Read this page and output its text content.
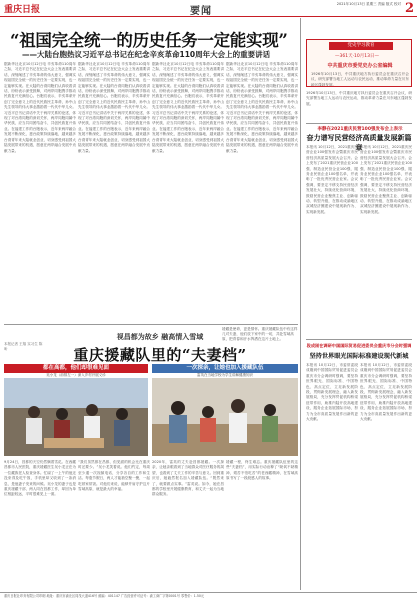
重庆日报	要闻
2021年10月13日 星期三 责编 版式 校对 2
“祖国完全统一的历史任务一定能实现”
——大陆台胞热议习近平总书记在纪念辛亥革命110周年大会上的重要讲话
据新华社北京10月12日电 辛亥革命110周年之际，习近平总书记在纪念大会上发表重要讲话，深刻阐述了辛亥革命的伟大意义，强调实现祖国完全统一的历史任务一定要实现，也一定能够实现。在大陆的台湾同胞们认真收看讲话，纷纷表示深受鼓舞，对两岸同胞携手推动民族复兴充满信心。台胞们表示，辛亥革命开创了完全意义上的近代民族民主革命，孙中山先生领导的伟大事业激励着一代代中华儿女。习近平总书记讲话中关于两岸关系的论述，体现了对台湾同胞的深切关怀，两岸同胞同属中华民族，应当共同团结奋斗，共创民族复兴伟业。在福建工作的台胞表示，近年来两岸融合发展不断深化，惠台政策持续落地，越来越多台湾青年来大陆就业创业，切身感受到祖国大陆发展带来的机遇，愿意在两岸融合发展中贡献力量。
据新华社北京10月12日电 辛亥革命110周年之际，习近平总书记在纪念大会上发表重要讲话，深刻阐述了辛亥革命的伟大意义，强调实现祖国完全统一的历史任务一定要实现，也一定能够实现。在大陆的台湾同胞们认真收看讲话，纷纷表示深受鼓舞，对两岸同胞携手推动民族复兴充满信心。台胞们表示，辛亥革命开创了完全意义上的近代民族民主革命，孙中山先生领导的伟大事业激励着一代代中华儿女。习近平总书记讲话中关于两岸关系的论述，体现了对台湾同胞的深切关怀，两岸同胞同属中华民族，应当共同团结奋斗，共创民族复兴伟业。在福建工作的台胞表示，近年来两岸融合发展不断深化，惠台政策持续落地，越来越多台湾青年来大陆就业创业，切身感受到祖国大陆发展带来的机遇，愿意在两岸融合发展中贡献力量。
据新华社北京10月12日电 辛亥革命110周年之际，习近平总书记在纪念大会上发表重要讲话，深刻阐述了辛亥革命的伟大意义，强调实现祖国完全统一的历史任务一定要实现，也一定能够实现。在大陆的台湾同胞们认真收看讲话，纷纷表示深受鼓舞，对两岸同胞携手推动民族复兴充满信心。台胞们表示，辛亥革命开创了完全意义上的近代民族民主革命，孙中山先生领导的伟大事业激励着一代代中华儿女。习近平总书记讲话中关于两岸关系的论述，体现了对台湾同胞的深切关怀，两岸同胞同属中华民族，应当共同团结奋斗，共创民族复兴伟业。在福建工作的台胞表示，近年来两岸融合发展不断深化，惠台政策持续落地，越来越多台湾青年来大陆就业创业，切身感受到祖国大陆发展带来的机遇，愿意在两岸融合发展中贡献力量。
据新华社北京10月12日电 辛亥革命110周年之际，习近平总书记在纪念大会上发表重要讲话，深刻阐述了辛亥革命的伟大意义，强调实现祖国完全统一的历史任务一定要实现，也一定能够实现。在大陆的台湾同胞们认真收看讲话，纷纷表示深受鼓舞，对两岸同胞携手推动民族复兴充满信心。台胞们表示，辛亥革命开创了完全意义上的近代民族民主革命，孙中山先生领导的伟大事业激励着一代代中华儿女。习近平总书记讲话中关于两岸关系的论述，体现了对台湾同胞的深切关怀，两岸同胞同属中华民族，应当共同团结奋斗，共创民族复兴伟业。在福建工作的台胞表示，近年来两岸融合发展不断深化，惠台政策持续落地，越来越多台湾青年来大陆就业创业，切身感受到祖国大陆发展带来的机遇，愿意在两岸融合发展中贡献力量。
党史学习教育
—361天·10月13日—
中共重庆市委党史办公室编辑
1926年10月13日，中共重庆地方执行委员会在重庆召开会议，研究部署当地工人运动与农民运动，推动革命力量在川东地区蓬勃发展。
1926年10月13日，中共重庆地方执行委员会在重庆召开会议，研究部署当地工人运动与农民运动，推动革命力量在川东地区蓬勃发展。
李静在2021重庆民营100强发布会上表示
奋力谱写民营经济高质量发展新篇章
本报讯 10月12日，2021重庆民营企业100强发布会暨重庆市民营经济高质量发展大会召开。会上发布了2021重庆民营企业100强、制造业民营企业100强、服务业民营企业100强名单，并表彰了一批优秀民营企业家。会议强调，要坚定不移支持民营经济发展壮大，持续优化营商环境，鼓励民营企业聚焦主业、创新驱动、转型升级，在推动成渝地区双城经济圈建设中展现新作为、实现新发展。
本报讯 10月12日，2021重庆民营企业100强发布会暨重庆市民营经济高质量发展大会召开。会上发布了2021重庆民营企业100强、制造业民营企业100强、服务业民营企业100强名单，并表彰了一批优秀民营企业家。会议强调，要坚定不移支持民营经济发展壮大，持续优化营商环境，鼓励民营企业聚焦主业、创新驱动、转型升级，在推动成渝地区双城经济圈建设中展现新作为、实现新发展。
段成刚在调研中国国际贸易促进委员会重庆市分会时强调
坚持世界眼光国际标准建设现代新城
本报讯 10月12日，市委常委段成刚到中国国际贸易促进委员会重庆市分会调研时强调，要坚持世界眼光、国际标准、中国特色、高点定位，立足新发展阶段，贯彻新发展理念，融入新发展格局，充分发挥贸促机构桥梁纽带作用，助推内陆开放高地建设，服务企业拓展国际市场，努力为全市高质量发展作出新的更大贡献。
本报讯 10月12日，市委常委段成刚到中国国际贸易促进委员会重庆市分会调研时强调，要坚持世界眼光、国际标准、中国特色、高点定位，立足新发展阶段，贯彻新发展理念，融入新发展格局，充分发挥贸促机构桥梁纽带作用，助推内陆开放高地建设，服务企业拓展国际市场，努力为全市高质量发展作出新的更大贡献。
本报记者 王翔 实习生 陈昕
视昌都为故乡 融高情入雪域
重庆援藏队里的“夫妻档”
援藏是使命，更是情怀。重庆援藏队伍中有这样几对夫妻，他们放下家中的一切，共赴雪域高原，把青春和汗水挥洒在这片土地上。
都在高都，他们却很难见面
吴小龙（前排左一）深入乡村开展义诊
一次探亲，让她也加入援藏队伍
雷英在当地学校为学生讲解健康知识
9月24日，昌都的天空仍然飘着雪花。在西藏昌都市人民医院，重庆援藏医生吴小龙正在为一位藏族老人检查身体。忙碌了一上午的他还没来得及吃午饭，手机里却又收到了一条消息，是他妻子发来的问候。吴小龙的妻子也是重庆援藏干部，两人同在昌都工作，却因为单位相距较远，平时很难见上一面。
“我们虽然都在昌都，但见面的机会比在重庆时还要少。”吴小龙笑着说。他们约定，每周至少通一次视频电话，分享各自的工作和生活。每逢节假日，两人才能抽空聚一聚，一起吃顿家常饭。对他们来说，能够并肩守护这片雪域高原，就是最大的幸福。
2020年，雷英的丈夫赴昌都援藏。一次探亲，让她亲眼看到了当地群众对医疗服务的渴望，也看到了丈夫工作的辛苦与意义。回到重庆后，她毅然报名加入援藏队伍。“既然来了，就要做点实事。”雷英说。如今，她在昌都的学校里开展健康教育，和丈夫一起为当地群众服务。
援藏一程，终生难忘。重庆援藏队伍里的这些“夫妻档”，用实际行动诠释了“缺氧不缺精神，艰苦不怕吃苦”的老西藏精神，在雪域高原书写了一段段感人的故事。
重庆日报社印务有限公司印刷 地址：重庆市渝北区同茂大道416号 邮编：401147 广告经营许可证号：渝工商广字第0001号 零售价：1.50元
